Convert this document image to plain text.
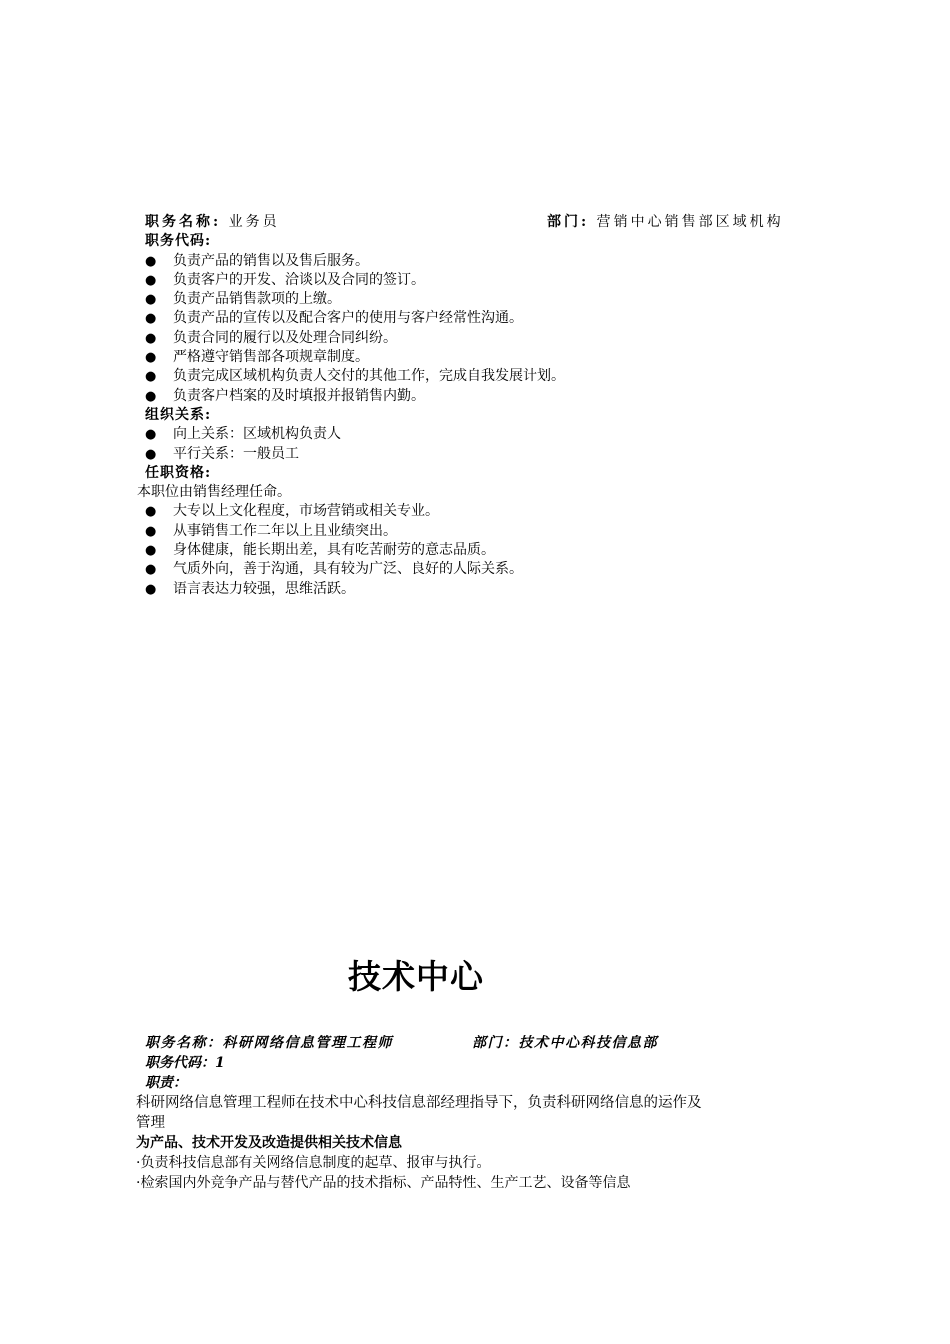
职务名称: 业务员	部门: 营销中心销售部区域机构
职务代码:
● 负责产品的销售以及售后服务。
● 负责客户的开发、洽谈以及合同的签订。
● 负责产品销售款项的上缴。
● 负责产品的宣传以及配合客户的使用与客户经常性沟通。
● 负责合同的履行以及处理合同纠纷。
● 严格遵守销售部各项规章制度。
● 负责完成区域机构负责人交付的其他工作，完成自我发展计划。
● 负责客户档案的及时填报并报销售内勤。
组织关系:
● 向上关系：区域机构负责人
● 平行关系：一般员工
任职资格:
本职位由销售经理任命。
● 大专以上文化程度，市场营销或相关专业。
● 从事销售工作二年以上且业绩突出。
● 身体健康，能长期出差，具有吃苦耐劳的意志品质。
● 气质外向，善于沟通，具有较为广泛、良好的人际关系。
● 语言表达力较强，思维活跃。
技术中心
职务名称：科研网络信息管理工程师	部门：技术中心科技信息部
职务代码：1
职责：
科研网络信息管理工程师在技术中心科技信息部经理指导下，负责科研网络信息的运作及管理
为产品、技术开发及改造提供相关技术信息
·负责科技信息部有关网络信息制度的起草、报审与执行。
·检索国内外竞争产品与替代产品的技术指标、产品特性、生产工艺、设备等信息
